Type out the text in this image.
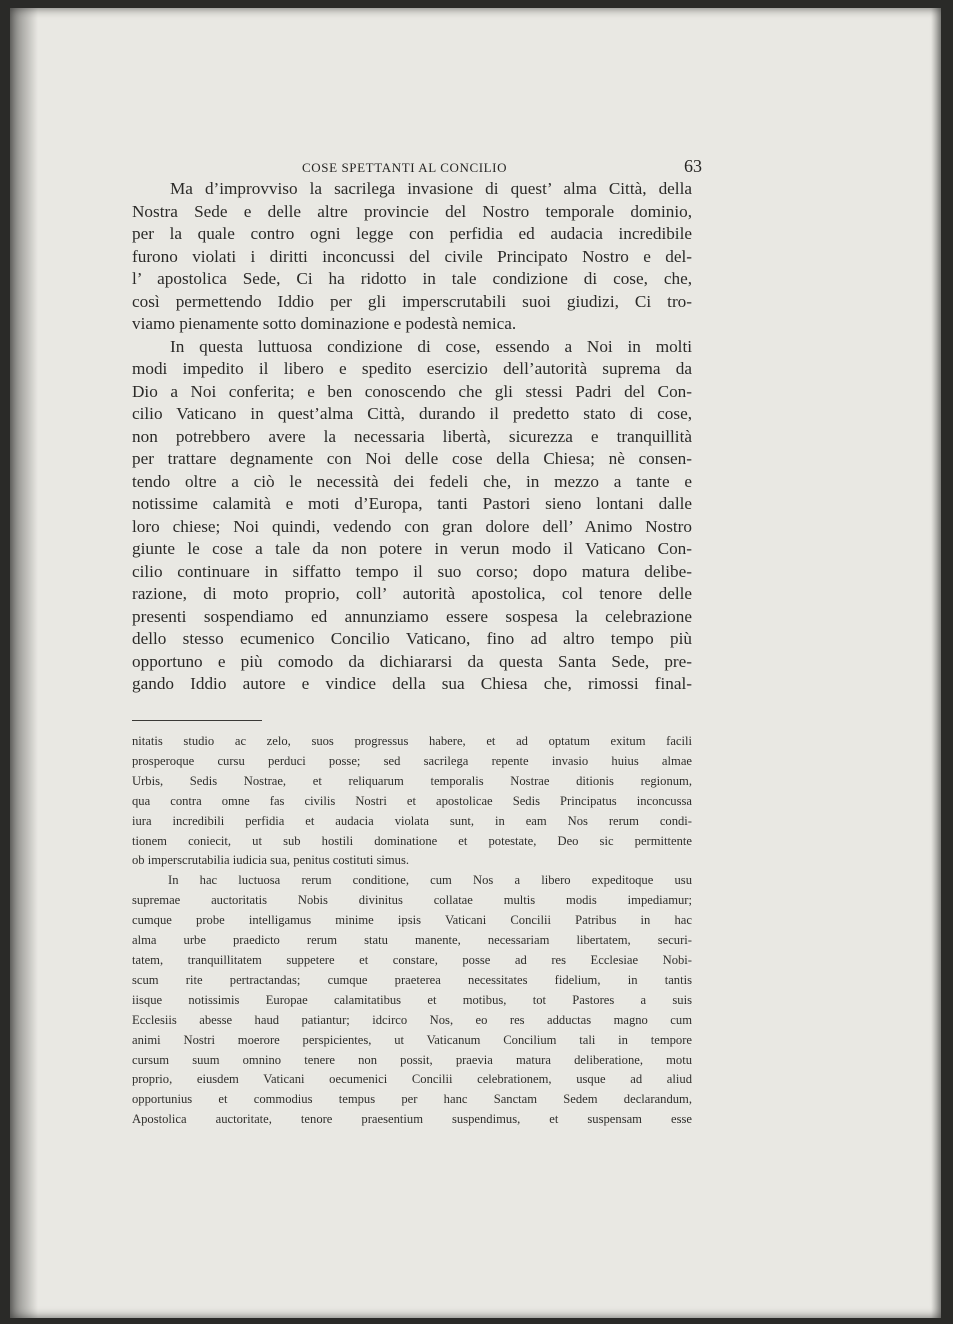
COSE SPETTANTI AL CONCILIO	63
Ma d’improvviso la sacrilega invasione di quest’ alma Città, della
Nostra Sede e delle altre provincie del Nostro temporale dominio,
per la quale contro ogni legge con perfidia ed audacia incredibile
furono violati i diritti inconcussi del civile Principato Nostro e del-
l’ apostolica Sede, Ci ha ridotto in tale condizione di cose, che,
così permettendo Iddio per gli imperscrutabili suoi giudizi, Ci tro-
viamo pienamente sotto dominazione e podestà nemica.
In questa luttuosa condizione di cose, essendo a Noi in molti
modi impedito il libero e spedito esercizio dell’autorità suprema da
Dio a Noi conferita; e ben conoscendo che gli stessi Padri del Con-
cilio Vaticano in quest’alma Città, durando il predetto stato di cose,
non potrebbero avere la necessaria libertà, sicurezza e tranquillità
per trattare degnamente con Noi delle cose della Chiesa; nè consen-
tendo oltre a ciò le necessità dei fedeli che, in mezzo a tante e
notissime calamità e moti d’Europa, tanti Pastori sieno lontani dalle
loro chiese; Noi quindi, vedendo con gran dolore dell’ Animo Nostro
giunte le cose a tale da non potere in verun modo il Vaticano Con-
cilio continuare in siffatto tempo il suo corso; dopo matura delibe-
razione, di moto proprio, coll’ autorità apostolica, col tenore delle
presenti sospendiamo ed annunziamo essere sospesa la celebrazione
dello stesso ecumenico Concilio Vaticano, fino ad altro tempo più
opportuno e più comodo da dichiararsi da questa Santa Sede, pre-
gando Iddio autore e vindice della sua Chiesa che, rimossi final-
nitatis studio ac zelo, suos progressus habere, et ad optatum exitum facili
prosperoque cursu perduci posse; sed sacrilega repente invasio huius almae
Urbis, Sedis Nostrae, et reliquarum temporalis Nostrae ditionis regionum,
qua contra omne fas civilis Nostri et apostolicae Sedis Principatus inconcussa
iura incredibili perfidia et audacia violata sunt, in eam Nos rerum condi-
tionem coniecit, ut sub hostili dominatione et potestate, Deo sic permittente
ob imperscrutabilia iudicia sua, penitus costituti simus.
In hac luctuosa rerum conditione, cum Nos a libero expeditoque usu
supremae auctoritatis Nobis divinitus collatae multis modis impediamur;
cumque probe intelligamus minime ipsis Vaticani Concilii Patribus in hac
alma urbe praedicto rerum statu manente, necessariam libertatem, securi-
tatem, tranquillitatem suppetere et constare, posse ad res Ecclesiae Nobi-
scum rite pertractandas; cumque praeterea necessitates fidelium, in tantis
iisque notissimis Europae calamitatibus et motibus, tot Pastores a suis
Ecclesiis abesse haud patiantur; idcirco Nos, eo res adductas magno cum
animi Nostri moerore perspicientes, ut Vaticanum Concilium tali in tempore
cursum suum omnino tenere non possit, praevia matura deliberatione, motu
proprio, eiusdem Vaticani oecumenici Concilii celebrationem, usque ad aliud
opportunius et commodius tempus per hanc Sanctam Sedem declarandum,
Apostolica auctoritate, tenore praesentium suspendimus, et suspensam esse
